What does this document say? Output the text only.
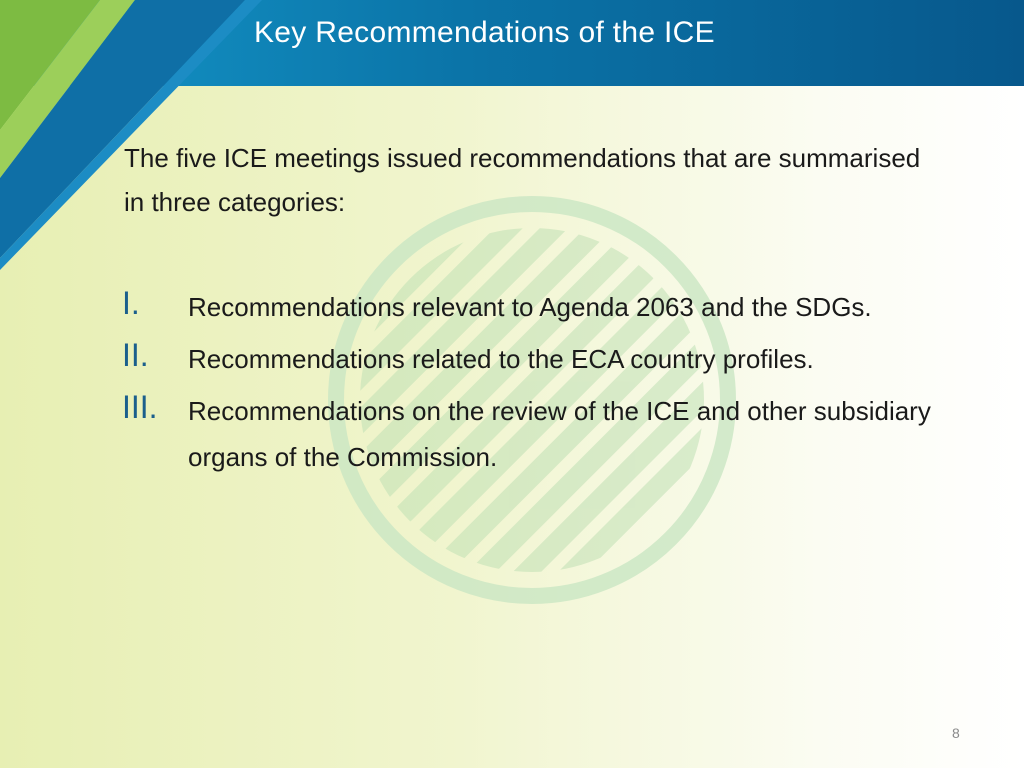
Key Recommendations of the ICE
The five ICE meetings issued recommendations that are summarised in three categories:
I. Recommendations relevant to Agenda 2063 and the SDGs.
II. Recommendations related to the ECA country profiles.
III. Recommendations on the review of the ICE and other subsidiary organs of the Commission.
8
